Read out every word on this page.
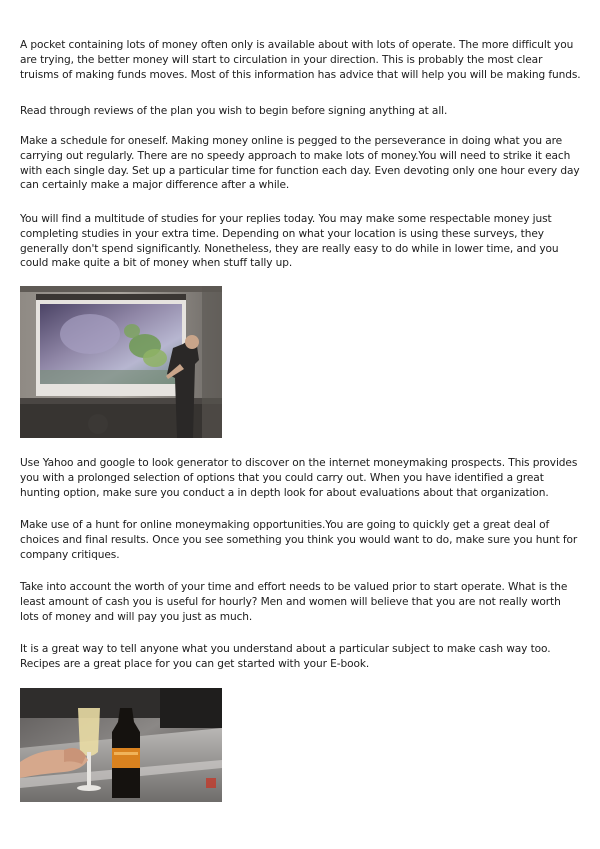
A pocket containing lots of money often only is available about with lots of operate. The more difficult you are trying, the better money will start to circulation in your direction. This is probably the most clear truisms of making funds moves. Most of this information has advice that will help you will be making funds.

Read through reviews of the plan you wish to begin before signing anything at all.

Make a schedule for oneself. Making money online is pegged to the perseverance in doing what you are carrying out regularly. There are no speedy approach to make lots of money.You will need to strike it each with each single day. Set up a particular time for function each day. Even devoting only one hour every day can certainly make a major difference after a while.

You will find a multitude of studies for your replies today. You may make some respectable money just completing studies in your extra time. Depending on what your location is using these surveys, they generally don't spend significantly. Nonetheless, they are really easy to do while in lower time, and you could make quite a bit of money when stuff tally up.

Use Yahoo and google to look generator to discover on the internet moneymaking prospects. This provides you with a prolonged selection of options that you could carry out. When you have identified a great hunting option, make sure you conduct a in depth look for about evaluations about that organization.

Make use of a hunt for online moneymaking opportunities.You are going to quickly get a great deal of choices and final results. Once you see something you think you would want to do, make sure you hunt for company critiques.

Take into account the worth of your time and effort needs to be valued prior to start operate. What is the least amount of cash you is useful for hourly? Men and women will believe that you are not really worth lots of money and will pay you just as much.

It is a great way to tell anyone what you understand about a particular subject to make cash way too. Recipes are a great place for you can get started with your E-book.
